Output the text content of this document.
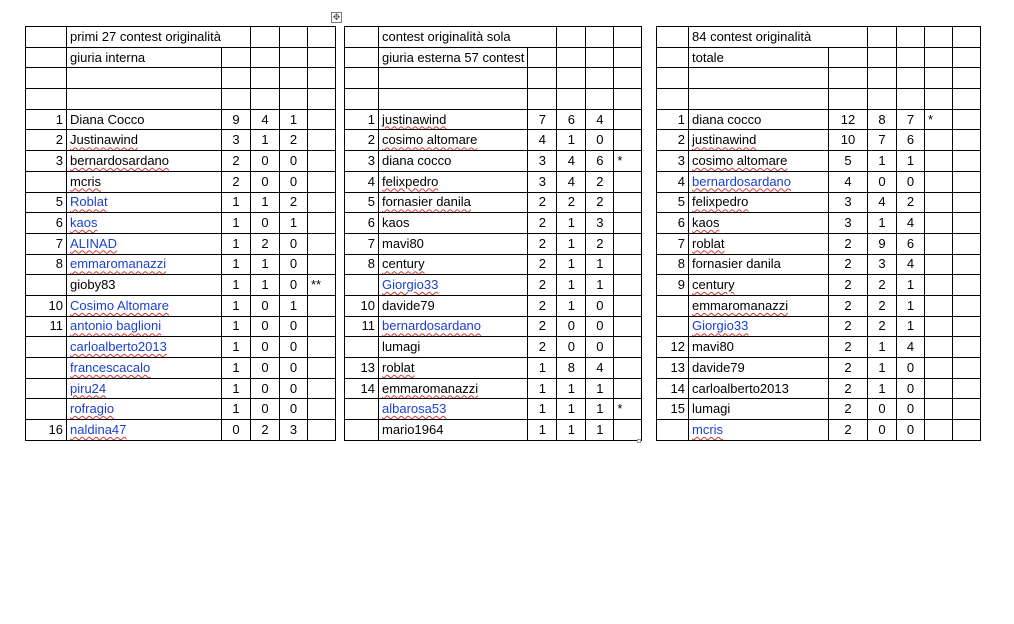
✥
	primi 27 contest originalità				
	giuria interna				

1	Diana Cocco	9	4	1	
2	Justinawind	3	1	2	
3	bernardosardano	2	0	0	
	mcris	2	0	0	
5	Roblat	1	1	2	
6	kaos	1	0	1	
7	ALINAD	1	2	0	
8	emmaromanazzi	1	1	0	
	gioby83	1	1	0	**
10	Cosimo Altomare	1	0	1	
11	antonio baglioni	1	0	0	
	carloalberto2013	1	0	0	
	francescacalo	1	0	0	
	piru24	1	0	0	
	rofragio	1	0	0	
16	naldina47	0	2	3	
	contest originalità sola				
	giuria esterna 57 contest				

1	justinawind	7	6	4	
2	cosimo altomare	4	1	0	
3	diana cocco	3	4	6	*
4	felixpedro	3	4	2	
5	fornasier danila	2	2	2	
6	kaos	2	1	3	
7	mavi80	2	1	2	
8	century	2	1	1	
	Giorgio33	2	1	1	
10	davide79	2	1	0	
11	bernardosardano	2	0	0	
	lumagi	2	0	0	
13	roblat	1	8	4	
14	emmaromanazzi	1	1	1	
	albarosa53	1	1	1	*
	mario1964	1	1	1	
	84 contest originalità					
	totale					

1	diana cocco	12	8	7	*	
2	justinawind	10	7	6		
3	cosimo altomare	5	1	1		
4	bernardosardano	4	0	0		
5	felixpedro	3	4	2		
6	kaos	3	1	4		
7	roblat	2	9	6		
8	fornasier danila	2	3	4		
9	century	2	2	1		
	emmaromanazzi	2	2	1		
	Giorgio33	2	2	1		
12	mavi80	2	1	4		
13	davide79	2	1	0		
14	carloalberto2013	2	1	0		
15	lumagi	2	0	0		
	mcris	2	0	0		
